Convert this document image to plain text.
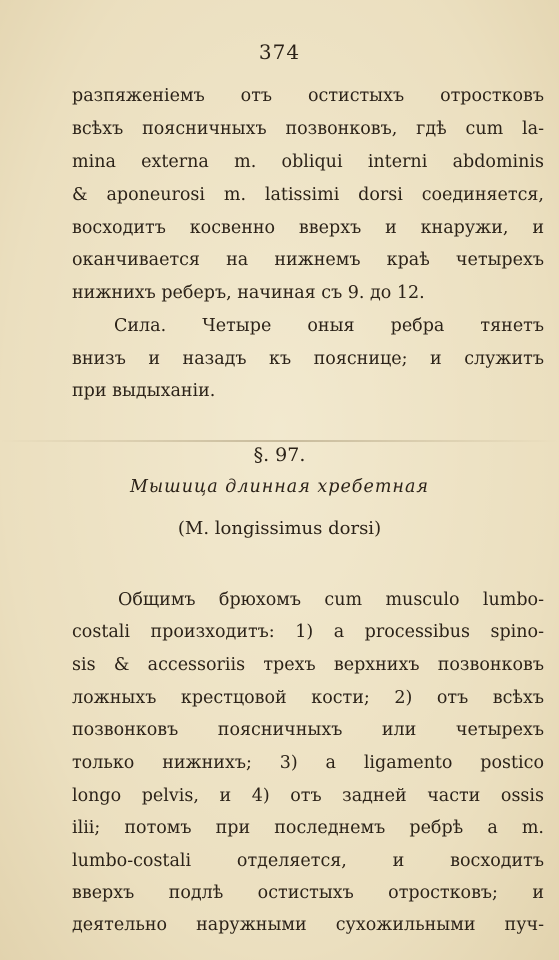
374

разпяженіемъ отъ остистыхъ отростковъ

всѣхъ поясничныхъ позвонковъ, гдѣ cum la-

mina externa m. obliqui interni abdominis

& aponeurosi m. latissimi dorsi соединяется,

восходитъ косвенно вверхъ и кнаружи, и

оканчивается на нижнемъ краѣ четырехъ

нижнихъ реберъ, начиная съ 9. до 12.

Сила. Четыре оныя ребра тянетъ

внизъ и назадъ къ пояснице; и служитъ

при выдыханіи.

§. 97.
Мышица длинная хребетная
(M. longissimus dorsi)

Общимъ брюхомъ cum musculo lumbo-

costali произходитъ: 1) a processibus spino-

sis & accessoriis трехъ верхнихъ позвонковъ

ложныхъ крестцовой кости; 2) отъ всѣхъ

позвонковъ поясничныхъ или четырехъ

только нижнихъ; 3) a ligamento postico

longo pelvis, и 4) отъ задней части ossis

ilii; потомъ при последнемъ ребрѣ a m.

lumbo-costali отделяется, и восходитъ

вверхъ подлѣ остистыхъ отростковъ; и

деятельно наружными сухожильными пуч-
